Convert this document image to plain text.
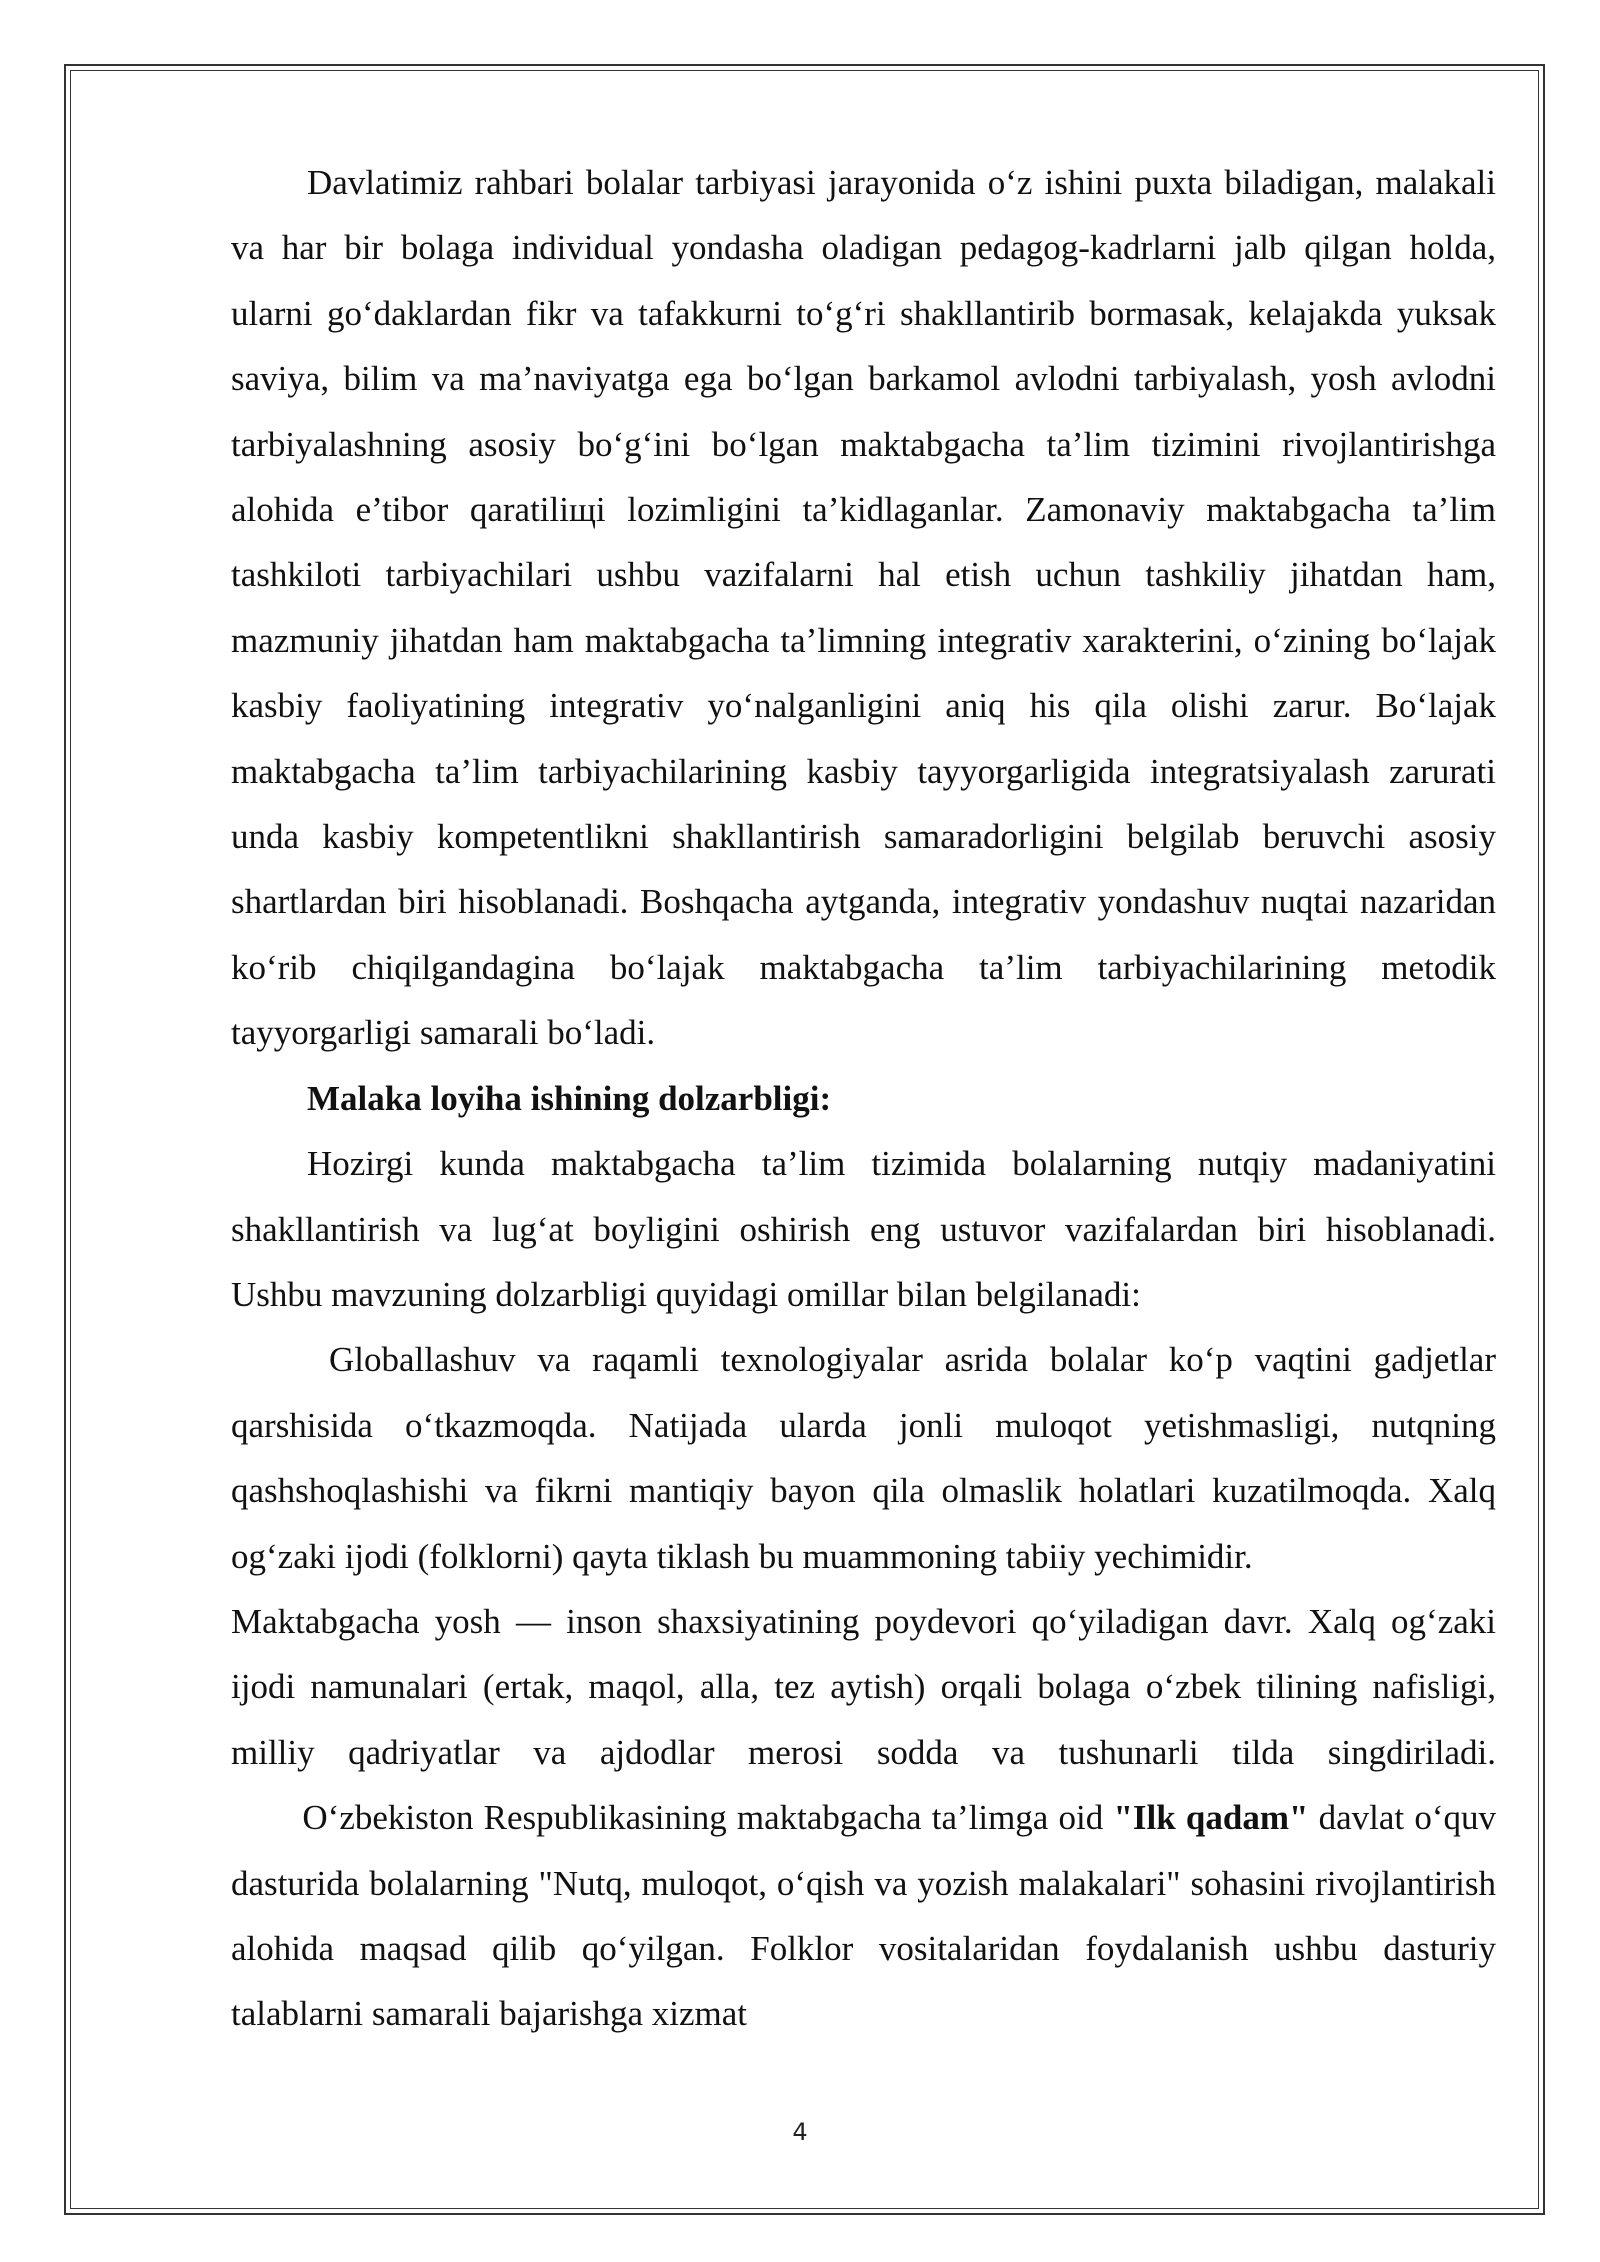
Davlatimiz rahbari bolalar tarbiyasi jarayonida o‘z ishini puxta biladigan, malakali va har bir bolaga individual yondasha oladigan pedagog-kadrlarni jalb qilgan holda, ularni go‘daklardan fikr va tafakkurni to‘g‘ri shakllantirib bormasak, kelajakda yuksak saviya, bilim va ma’naviyatga ega bo‘lgan barkamol avlodni tarbiyalash, yosh avlodni tarbiyalashning asosiy bo‘g‘ini bo‘lgan maktabgacha ta’lim tizimini rivojlantirishga alohida e’tibor qaratiliщi lozimligini ta’kidlaganlar. Zamonaviy maktabgacha ta’lim tashkiloti tarbiyachilari ushbu vazifalarni hal etish uchun tashkiliy jihatdan ham, mazmuniy jihatdan ham maktabgacha ta’limning integrativ xarakterini, o‘zining bo‘lajak kasbiy faoliyatining integrativ yo‘nalganligini aniq his qila olishi zarur. Bo‘lajak maktabgacha ta’lim tarbiyachilarining kasbiy tayyorgarligida integratsiyalash zarurati unda kasbiy kompetentlikni shakllantirish samaradorligini belgilab beruvchi asosiy shartlardan biri hisoblanadi. Boshqacha aytganda, integrativ yondashuv nuqtai nazaridan ko‘rib chiqilgandagina bo‘lajak maktabgacha ta’lim tarbiyachilarining metodik tayyorgarligi samarali bo‘ladi.

Malaka loyiha ishining dolzarbligi:

Hozirgi kunda maktabgacha ta’lim tizimida bolalarning nutqiy madaniyatini shakllantirish va lug‘at boyligini oshirish eng ustuvor vazifalardan biri hisoblanadi. Ushbu mavzuning dolzarbligi quyidagi omillar bilan belgilanadi:

Globallashuv va raqamli texnologiyalar asrida bolalar ko‘p vaqtini gadjetlar qarshisida o‘tkazmoqda. Natijada ularda jonli muloqot yetishmasligi, nutqning qashshoqlashishi va fikrni mantiqiy bayon qila olmaslik holatlari kuzatilmoqda. Xalq og‘zaki ijodi (folklorni) qayta tiklash bu muammoning tabiiy yechimidir.

Maktabgacha yosh — inson shaxsiyatining poydevori qo‘yiladigan davr. Xalq og‘zaki ijodi namunalari (ertak, maqol, alla, tez aytish) orqali bolaga o‘zbek tilining nafisligi, milliy qadriyatlar va ajdodlar merosi sodda va tushunarli tilda singdiriladi.       O‘zbekiston Respublikasining maktabgacha ta’limga oid "Ilk qadam" davlat o‘quv dasturida bolalarning "Nutq, muloqot, o‘qish va yozish malakalari" sohasini rivojlantirish alohida maqsad qilib qo‘yilgan. Folklor vositalaridan foydalanish ushbu dasturiy talablarni samarali bajarishga xizmat

4
